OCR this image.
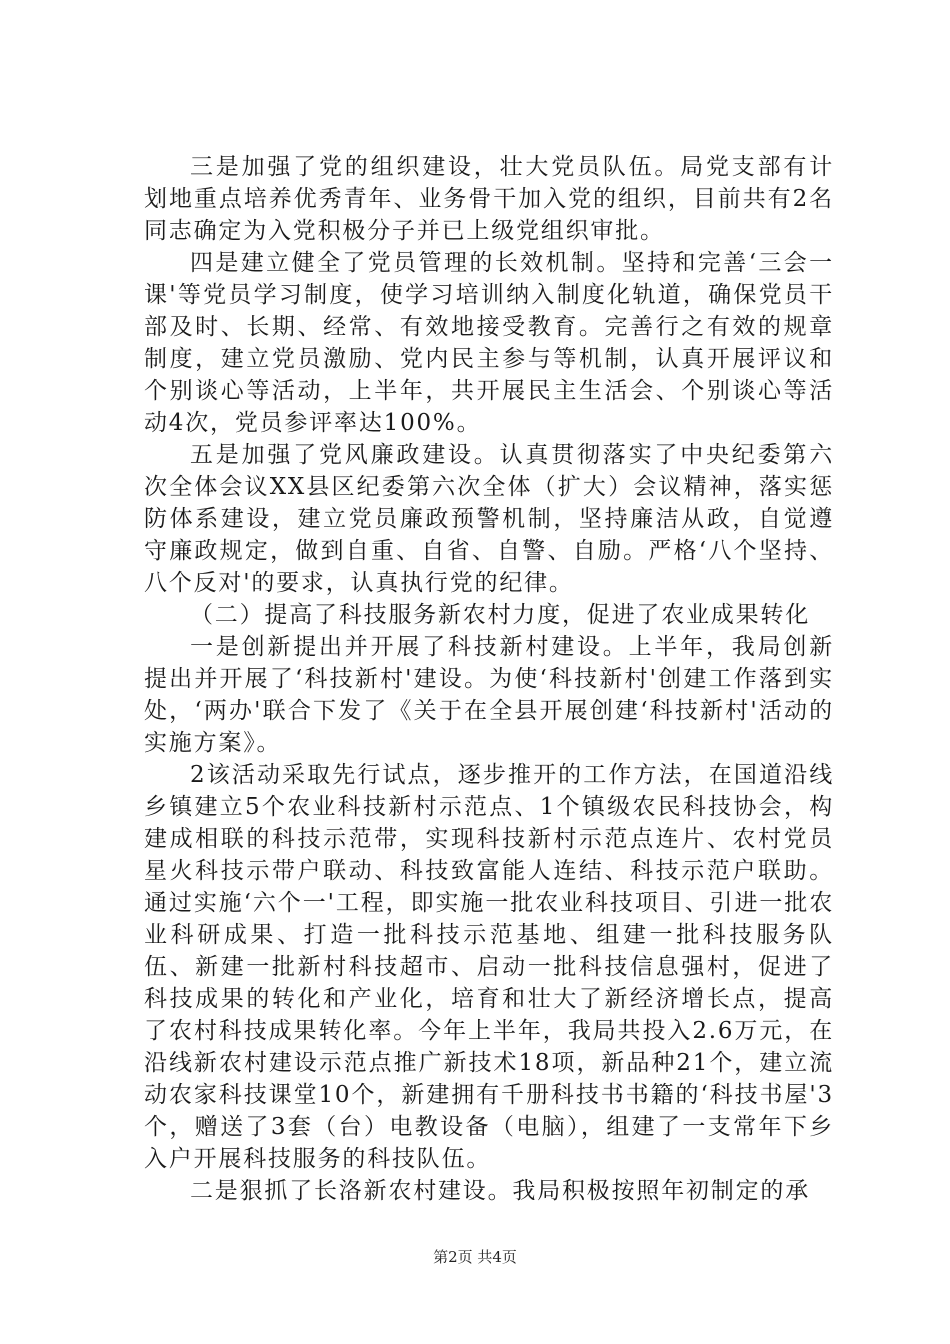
三是加强了党的组织建设，壮大党员队伍。局党支部有计划地重点培养优秀青年、业务骨干加入党的组织，目前共有2名同志确定为入党积极分子并已上级党组织审批。

四是建立健全了党员管理的长效机制。坚持和完善‘三会一课'等党员学习制度，使学习培训纳入制度化轨道，确保党员干部及时、长期、经常、有效地接受教育。完善行之有效的规章制度，建立党员激励、党内民主参与等机制，认真开展评议和个别谈心等活动，上半年，共开展民主生活会、个别谈心等活动4次，党员参评率达100%。

五是加强了党风廉政建设。认真贯彻落实了中央纪委第六次全体会议XX县区纪委第六次全体（扩大）会议精神，落实惩防体系建设，建立党员廉政预警机制，坚持廉洁从政，自觉遵守廉政规定，做到自重、自省、自警、自励。严格‘八个坚持、八个反对'的要求，认真执行党的纪律。

（二）提高了科技服务新农村力度，促进了农业成果转化

一是创新提出并开展了科技新村建设。上半年，我局创新提出并开展了‘科技新村'建设。为使‘科技新村'创建工作落到实处，‘两办'联合下发了《关于在全县开展创建‘科技新村'活动的实施方案》。

2该活动采取先行试点，逐步推开的工作方法，在国道沿线乡镇建立5个农业科技新村示范点、1个镇级农民科技协会，构建成相联的科技示范带，实现科技新村示范点连片、农村党员星火科技示带户联动、科技致富能人连结、科技示范户联助。通过实施‘六个一'工程，即实施一批农业科技项目、引进一批农业科研成果、打造一批科技示范基地、组建一批科技服务队伍、新建一批新村科技超市、启动一批科技信息强村，促进了科技成果的转化和产业化，培育和壮大了新经济增长点，提高了农村科技成果转化率。今年上半年，我局共投入2.6万元，在沿线新农村建设示范点推广新技术18项，新品种21个，建立流动农家科技课堂10个，新建拥有千册科技书书籍的‘科技书屋'3个，赠送了3套（台）电教设备（电脑），组建了一支常年下乡入户开展科技服务的科技队伍。

二是狠抓了长洛新农村建设。我局积极按照年初制定的承

第2页 共4页
